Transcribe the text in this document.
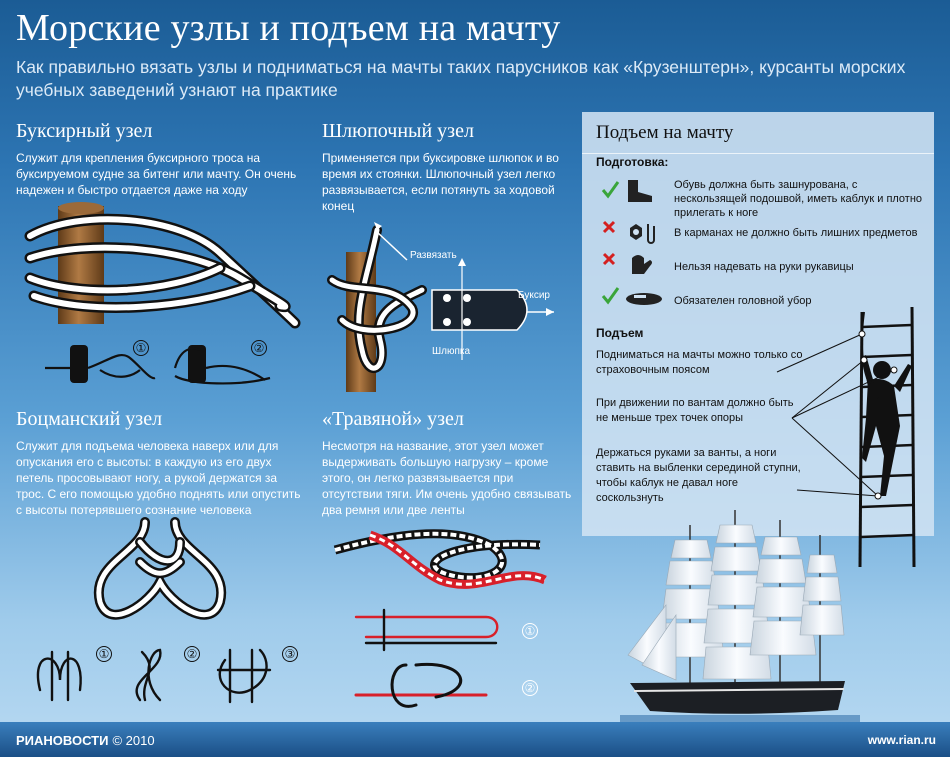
Морские узлы и подъем на мачту
Как правильно вязать узлы и подниматься на мачты таких парусников как «Крузенштерн», курсанты морских учебных заведений узнают на практике
Буксирный узел
Служит для крепления буксирного троса на буксируемом судне за битенг или мачту. Он очень надежен и быстро отдается даже на ходу
①	②
Шлюпочный узел
Применяется при буксировке шлюпок и во время их стоянки. Шлюпочный узел легко развязывается, если потянуть за ходовой конец
Развязать
Буксир
Шлюпка
Боцманский узел
Служит для подъема человека наверх или для опускания его с высоты: в каждую из его двух петель просовывают ногу, а рукой держатся за трос. С его помощью удобно поднять или опустить с высоты потерявшего сознание человека
①	②	③
«Травяной» узел
Несмотря на название, этот узел может выдерживать большую нагрузку – кроме этого, он легко развязывается при отсутствии тяги. Им очень удобно связывать два ремня или две ленты
①
②
Подъем на мачту
Подготовка:
Обувь должна быть зашнурована, с нескользящей подошвой, иметь каблук и плотно прилегать к ноге
В карманах не должно быть лишних предметов
Нельзя надевать на руки рукавицы
Обязателен головной убор
Подъем
Подниматься на мачты можно только со страховочным поясом
При движении по вантам должно быть не меньше трех точек опоры
Держаться руками за ванты, а ноги ставить на выбленки серединой ступни, чтобы каблук не давал ноге соскользнуть
РИАНОВОСТИ © 2010	www.rian.ru
